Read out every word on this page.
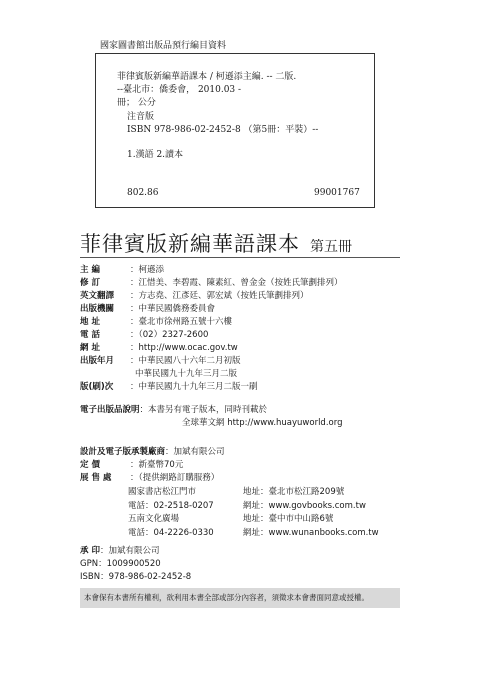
國家圖書館出版品預行編目資料
菲律賓版新編華語課本 / 柯遜添主編. -- 二版.
--臺北市：僑委會， 2010.03 -
冊； 公分
注音版
ISBN 978-986-02-2452-8 （第5冊：平裝）--
1.漢語 2.讀本
802.86	99001767
菲律賓版新編華語課本 第五冊
主 編	：柯遜添
修 訂	：江惜美、李碧霞、陳素紅、曾金金（按姓氏筆劃排列）
英文翻譯 ：方志堯、江彥廷、郭宏斌（按姓氏筆劃排列）
出版機關 ：中華民國僑務委員會
地 址	：臺北市徐州路五號十六樓
電 話	：（02）2327-2600
網 址	：http://www.ocac.gov.tw
出版年月 ：中華民國八十六年二月初版
中華民國九十九年三月二版
版(刷)次 ：中華民國九十九年三月二版一刷
電子出版品說明：本書另有電子版本，同時刊載於
全球華文網 http://www.huayuworld.org
設計及電子版承製廠商：加斌有限公司
定 價	：新臺幣70元
展 售 處 ：（提供網路訂購服務）
國家書店松江門市	地址：臺北市松江路209號
電話：02-2518-0207	網址：www.govbooks.com.tw
五南文化廣場	地址：臺中市中山路6號
電話：04-2226-0330	網址：www.wunanbooks.com.tw
承 印：加斌有限公司
GPN：1009900520
ISBN：978-986-02-2452-8
本會保有本書所有權利，欲利用本書全部或部分內容者，須徵求本會書面同意或授權。
